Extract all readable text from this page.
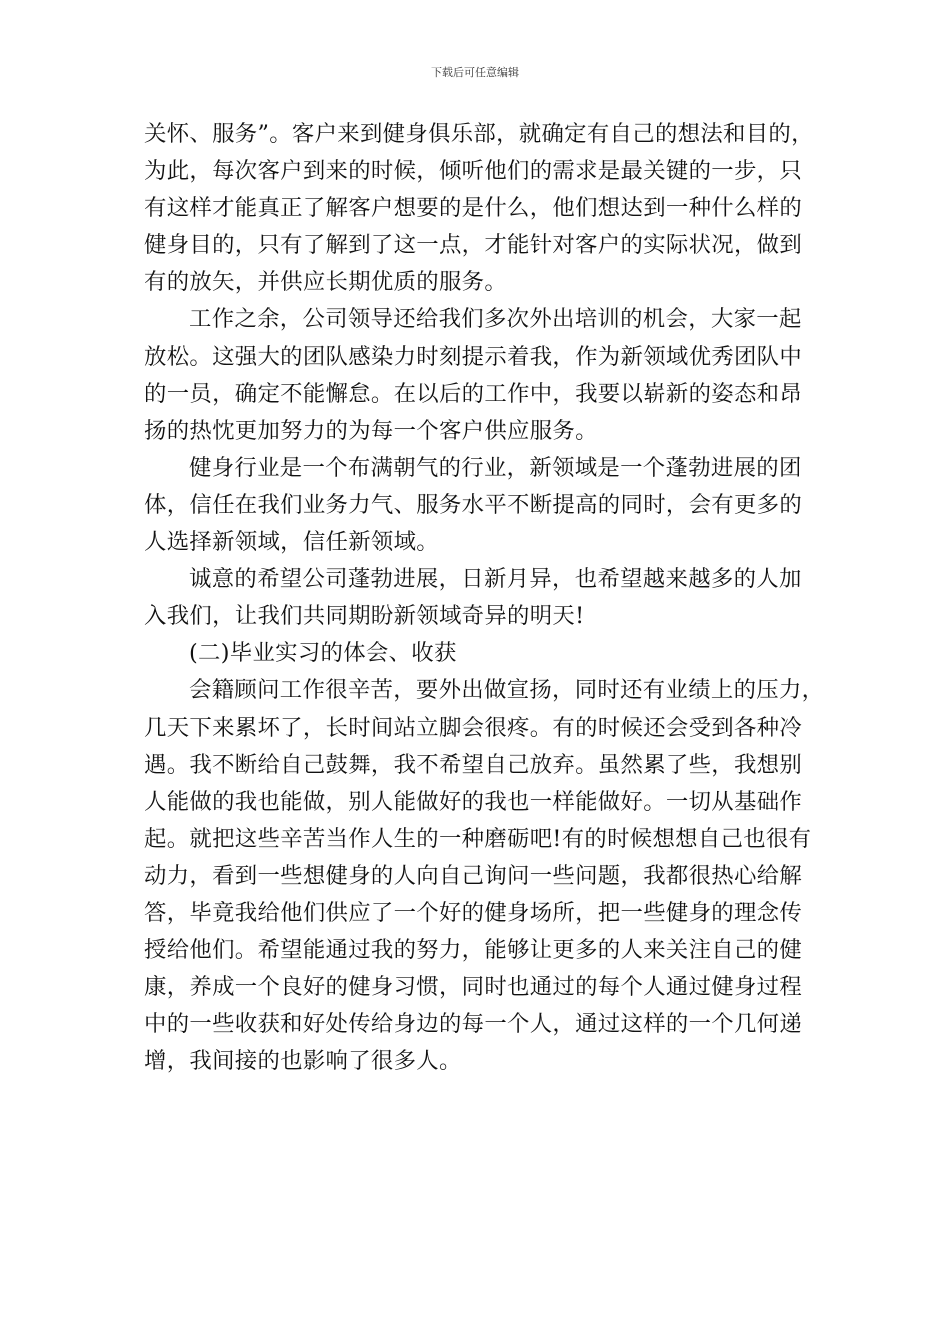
下载后可任意编辑
关怀、服务”。客户来到健身俱乐部，就确定有自己的想法和目的，
为此，每次客户到来的时候，倾听他们的需求是最关键的一步，只
有这样才能真正了解客户想要的是什么，他们想达到一种什么样的
健身目的，只有了解到了这一点，才能针对客户的实际状况，做到
有的放矢，并供应长期优质的服务。
工作之余，公司领导还给我们多次外出培训的机会，大家一起
放松。这强大的团队感染力时刻提示着我，作为新领域优秀团队中
的一员，确定不能懈怠。在以后的工作中，我要以崭新的姿态和昂
扬的热忱更加努力的为每一个客户供应服务。
健身行业是一个布满朝气的行业，新领域是一个蓬勃进展的团
体，信任在我们业务力气、服务水平不断提高的同时，会有更多的
人选择新领域，信任新领域。
诚意的希望公司蓬勃进展，日新月异，也希望越来越多的人加
入我们，让我们共同期盼新领域奇异的明天!
(二)毕业实习的体会、收获
会籍顾问工作很辛苦，要外出做宣扬，同时还有业绩上的压力，
几天下来累坏了，长时间站立脚会很疼。有的时候还会受到各种冷
遇。我不断给自己鼓舞，我不希望自己放弃。虽然累了些，我想别
人能做的我也能做，别人能做好的我也一样能做好。一切从基础作
起。就把这些辛苦当作人生的一种磨砺吧!有的时候想想自己也很有
动力，看到一些想健身的人向自己询问一些问题，我都很热心给解
答，毕竟我给他们供应了一个好的健身场所，把一些健身的理念传
授给他们。希望能通过我的努力，能够让更多的人来关注自己的健
康，养成一个良好的健身习惯，同时也通过的每个人通过健身过程
中的一些收获和好处传给身边的每一个人，通过这样的一个几何递
增，我间接的也影响了很多人。
